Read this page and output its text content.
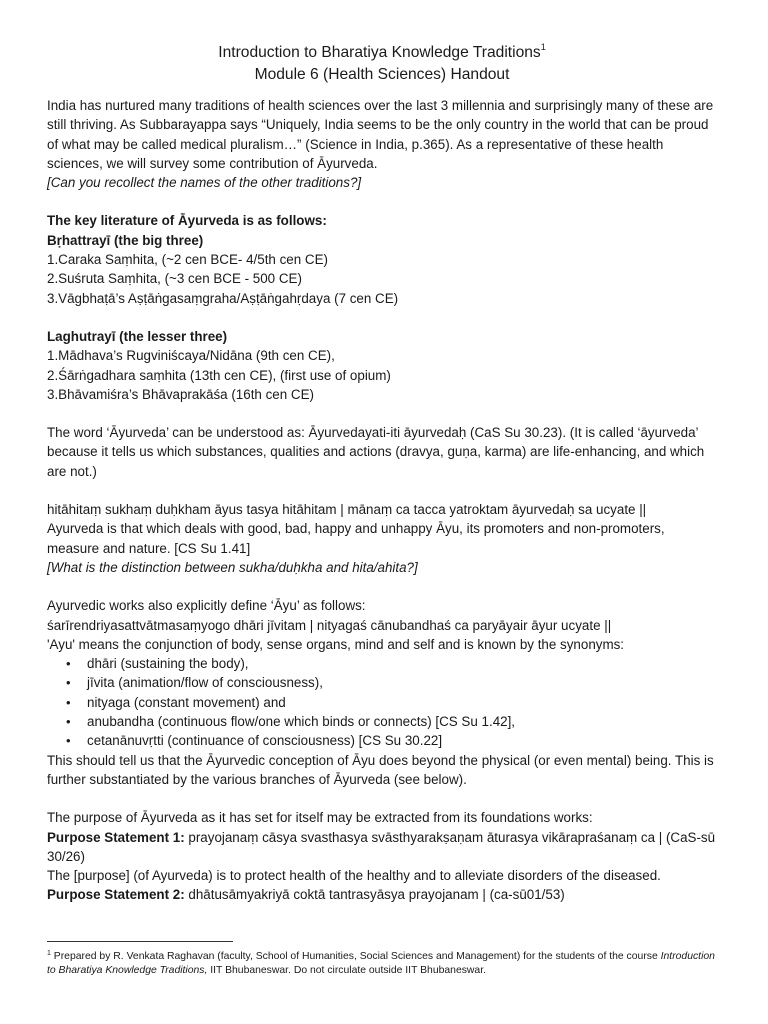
Introduction to Bharatiya Knowledge Traditions$^1$
Module 6 (Health Sciences) Handout

India has nurtured many traditions of health sciences over the last 3 millennia and surprisingly many of these are still thriving. As Subbarayappa says “Uniquely, India seems to be the only country in the world that can be proud of what may be called medical pluralism…” (Science in India, p.365). As a representative of these health sciences, we will survey some contribution of Āyurveda.

[Can you recollect the names of the other traditions?]

The key literature of Āyurveda is as follows:

Bṛhattrayī (the big three)

1.Caraka Saṃhita, (~2 cen BCE- 4/5th cen CE)

2.Suśruta Saṃhita, (~3 cen BCE - 500 CE)

3.Vāgbhaṭā’s Aṣṭāṅgasaṃgraha/Aṣṭāṅgahṛdaya (7 cen CE)

Laghutrayī (the lesser three)

1.Mādhava’s Rugviniścaya/Nidāna (9th cen CE),

2.Śārṅgadhara saṃhita (13th cen CE), (first use of opium)

3.Bhāvamiśra’s Bhāvaprakāśa (16th cen CE)

The word ‘Āyurveda’ can be understood as: Āyurvedayati-iti āyurvedaḥ (CaS Su 30.23). (It is called ‘āyurveda’ because it tells us which substances, qualities and actions (dravya, guṇa, karma) are life-enhancing, and which are not.)

hitāhitaṃ sukhaṃ duḥkham āyus tasya hitāhitam | mānaṃ ca tacca yatroktam āyurvedaḥ sa ucyate ||

Ayurveda is that which deals with good, bad, happy and unhappy Āyu, its promoters and non-promoters, measure and nature. [CS Su 1.41]

[What is the distinction between sukha/duḥkha and hita/ahita?]

Ayurvedic works also explicitly define ‘Āyu’ as follows:

śarīrendriyasattvātmasaṃyogo dhāri jīvitam | nityagaś cānubandhaś ca paryāyair āyur ucyate ||

'Ayu' means the conjunction of body, sense organs, mind and self and is known by the synonyms:

• dhāri (sustaining the body),
• jīvita (animation/flow of consciousness),
• nityaga (constant movement) and
• anubandha (continuous flow/one which binds or connects) [CS Su 1.42],
• cetanānuvṛtti (continuance of consciousness) [CS Su 30.22]

This should tell us that the Āyurvedic conception of Āyu does beyond the physical (or even mental) being. This is further substantiated by the various branches of Āyurveda (see below).

The purpose of Āyurveda as it has set for itself may be extracted from its foundations works:

Purpose Statement 1: prayojanaṃ cāsya svasthasya svāsthyarakṣaṇam āturasya vikārapraśanaṃ ca | (CaS-sū 30/26)

The [purpose] (of Ayurveda) is to protect health of the healthy and to alleviate disorders of the diseased.

Purpose Statement 2: dhātusāmyakriyā coktā tantrasyāsya prayojanam | (ca-sū01/53)

$^1$ Prepared by R. Venkata Raghavan (faculty, School of Humanities, Social Sciences and Management) for the students of the course Introduction to Bharatiya Knowledge Traditions, IIT Bhubaneswar. Do not circulate outside IIT Bhubaneswar.
